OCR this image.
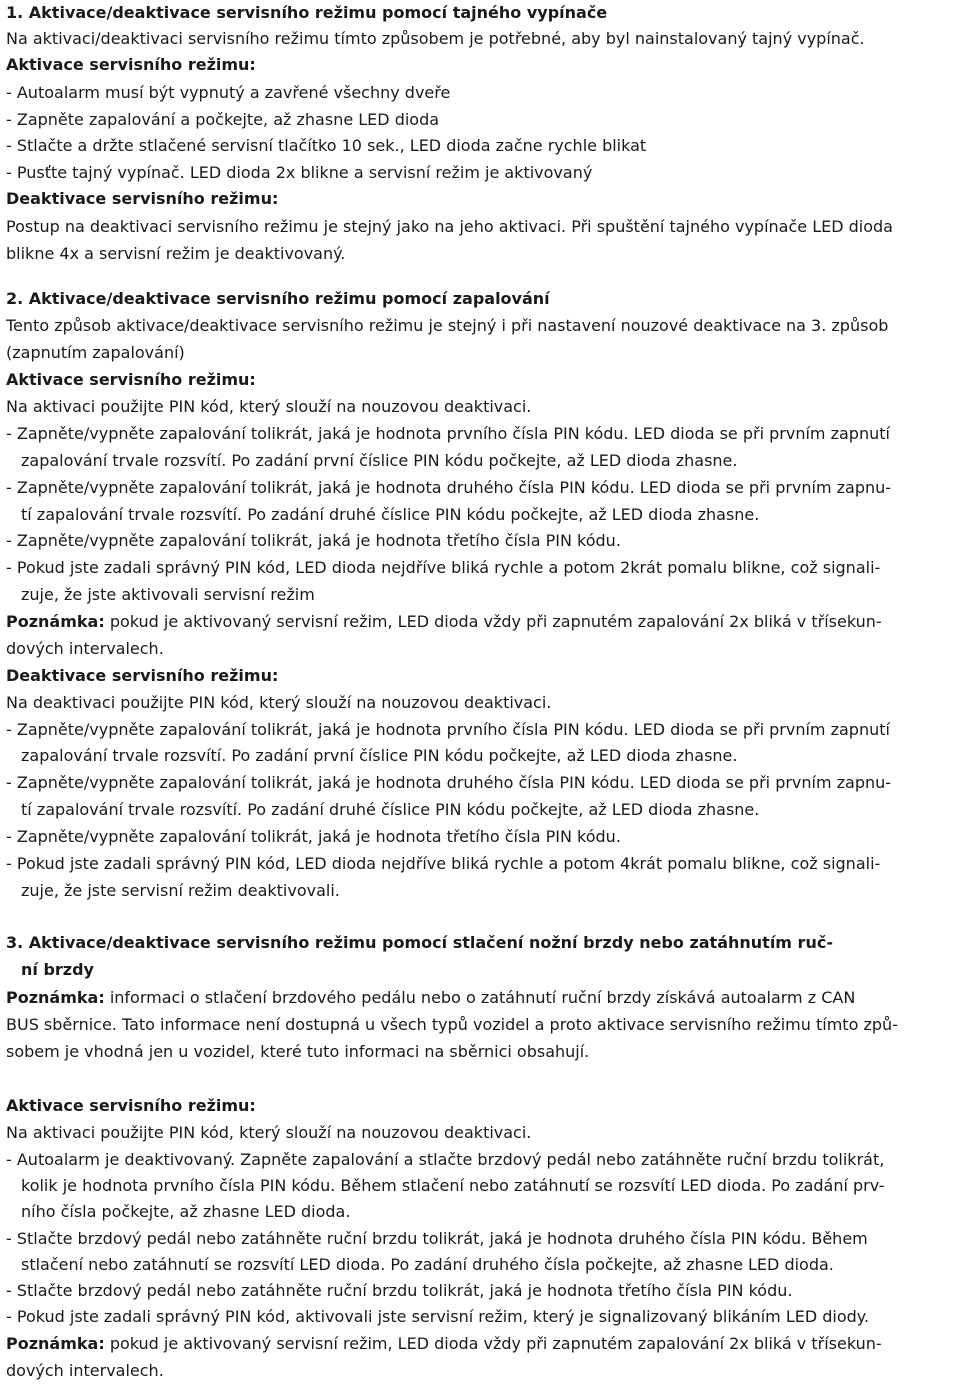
1. Aktivace/deaktivace servisního režimu pomocí tajného vypínače
Na aktivaci/deaktivaci servisního režimu tímto způsobem je potřebné, aby byl nainstalovaný tajný vypínač.
Aktivace servisního režimu:
- Autoalarm musí být vypnutý a zavřené všechny dveře
- Zapněte zapalování a počkejte, až zhasne LED dioda
- Stlačte a držte stlačené servisní tlačítko 10 sek., LED dioda začne rychle blikat
- Pusťte tajný vypínač. LED dioda 2x blikne a servisní režim je aktivovaný
Deaktivace servisního režimu:
Postup na deaktivaci servisního režimu je stejný jako na jeho aktivaci. Při spuštění tajného vypínače LED dioda
blikne 4x a servisní režim je deaktivovaný.
2. Aktivace/deaktivace servisního režimu pomocí zapalování
Tento způsob aktivace/deaktivace servisního režimu je stejný i při nastavení nouzové deaktivace na 3. způsob
(zapnutím zapalování)
Aktivace servisního režimu:
Na aktivaci použijte PIN kód, který slouží na nouzovou deaktivaci.
- Zapněte/vypněte zapalování tolikrát, jaká je hodnota prvního čísla PIN kódu. LED dioda se při prvním zapnutí
zapalování trvale rozsvítí. Po zadání první číslice PIN kódu počkejte, až LED dioda zhasne.
- Zapněte/vypněte zapalování tolikrát, jaká je hodnota druhého čísla PIN kódu. LED dioda se při prvním zapnu-
tí zapalování trvale rozsvítí. Po zadání druhé číslice PIN kódu počkejte, až LED dioda zhasne.
- Zapněte/vypněte zapalování tolikrát, jaká je hodnota třetího čísla PIN kódu.
- Pokud jste zadali správný PIN kód, LED dioda nejdříve bliká rychle a potom 2krát pomalu blikne, což signali-
zuje, že jste aktivovali servisní režim
Poznámka: pokud je aktivovaný servisní režim, LED dioda vždy při zapnutém zapalování 2x bliká v třísekun-
dových intervalech.
Deaktivace servisního režimu:
Na deaktivaci použijte PIN kód, který slouží na nouzovou deaktivaci.
- Zapněte/vypněte zapalování tolikrát, jaká je hodnota prvního čísla PIN kódu. LED dioda se při prvním zapnutí
zapalování trvale rozsvítí. Po zadání první číslice PIN kódu počkejte, až LED dioda zhasne.
- Zapněte/vypněte zapalování tolikrát, jaká je hodnota druhého čísla PIN kódu. LED dioda se při prvním zapnu-
tí zapalování trvale rozsvítí. Po zadání druhé číslice PIN kódu počkejte, až LED dioda zhasne.
- Zapněte/vypněte zapalování tolikrát, jaká je hodnota třetího čísla PIN kódu.
- Pokud jste zadali správný PIN kód, LED dioda nejdříve bliká rychle a potom 4krát pomalu blikne, což signali-
zuje, že jste servisní režim deaktivovali.
3. Aktivace/deaktivace servisního režimu pomocí stlačení nožní brzdy nebo zatáhnutím ruč-
ní brzdy
Poznámka: informaci o stlačení brzdového pedálu nebo o zatáhnutí ruční brzdy získává autoalarm z CAN
BUS sběrnice. Tato informace není dostupná u všech typů vozidel a proto aktivace servisního režimu tímto způ-
sobem je vhodná jen u vozidel, které tuto informaci na sběrnici obsahují.
Aktivace servisního režimu:
Na aktivaci použijte PIN kód, který slouží na nouzovou deaktivaci.
- Autoalarm je deaktivovaný. Zapněte zapalování a stlačte brzdový pedál nebo zatáhněte ruční brzdu tolikrát,
kolik je hodnota prvního čísla PIN kódu. Během stlačení nebo zatáhnutí se rozsvítí LED dioda. Po zadání prv-
ního čísla počkejte, až zhasne LED dioda.
- Stlačte brzdový pedál nebo zatáhněte ruční brzdu tolikrát, jaká je hodnota druhého čísla PIN kódu. Během
stlačení nebo zatáhnutí se rozsvítí LED dioda. Po zadání druhého čísla počkejte, až zhasne LED dioda.
- Stlačte brzdový pedál nebo zatáhněte ruční brzdu tolikrát, jaká je hodnota třetího čísla PIN kódu.
- Pokud jste zadali správný PIN kód, aktivovali jste servisní režim, který je signalizovaný blikáním LED diody.
Poznámka: pokud je aktivovaný servisní režim, LED dioda vždy při zapnutém zapalování 2x bliká v třísekun-
dových intervalech.
